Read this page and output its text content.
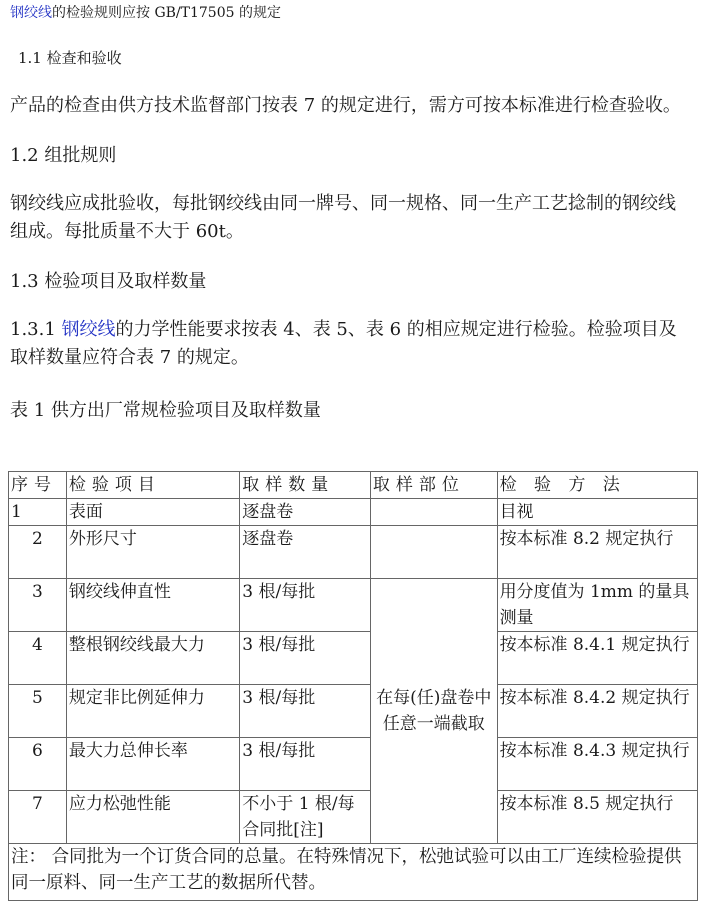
钢绞线的检验规则应按 GB/T17505 的规定

1.1 检查和验收

产品的检查由供方技术监督部门按表 7 的规定进行，需方可按本标准进行检查验收。

1.2 组批规则

钢绞线应成批验收，每批钢绞线由同一牌号、同一规格、同一生产工艺捻制的钢绞线组成。每批质量不大于 60t。

1.3 检验项目及取样数量

1.3.1 钢绞线的力学性能要求按表 4、表 5、表 6 的相应规定进行检验。检验项目及取样数量应符合表 7 的规定。

表 1 供方出厂常规检验项目及取样数量

序号	检验项目	取样数量	取样部位	检 验 方 法
1	表面	逐盘卷		目视
2	外形尺寸	逐盘卷		按本标准 8.2 规定执行
3	钢绞线伸直性	3 根/每批	在每(任)盘卷中任意一端截取	用分度值为 1mm 的量具测量
4	整根钢绞线最大力	3 根/每批		按本标准 8.4.1 规定执行
5	规定非比例延伸力	3 根/每批		按本标准 8.4.2 规定执行
6	最大力总伸长率	3 根/每批		按本标准 8.4.3 规定执行
7	应力松弛性能	不小于 1 根/每合同批[注]		按本标准 8.5 规定执行
注： 合同批为一个订货合同的总量。在特殊情况下，松弛试验可以由工厂连续检验提供同一原料、同一生产工艺的数据所代替。				
